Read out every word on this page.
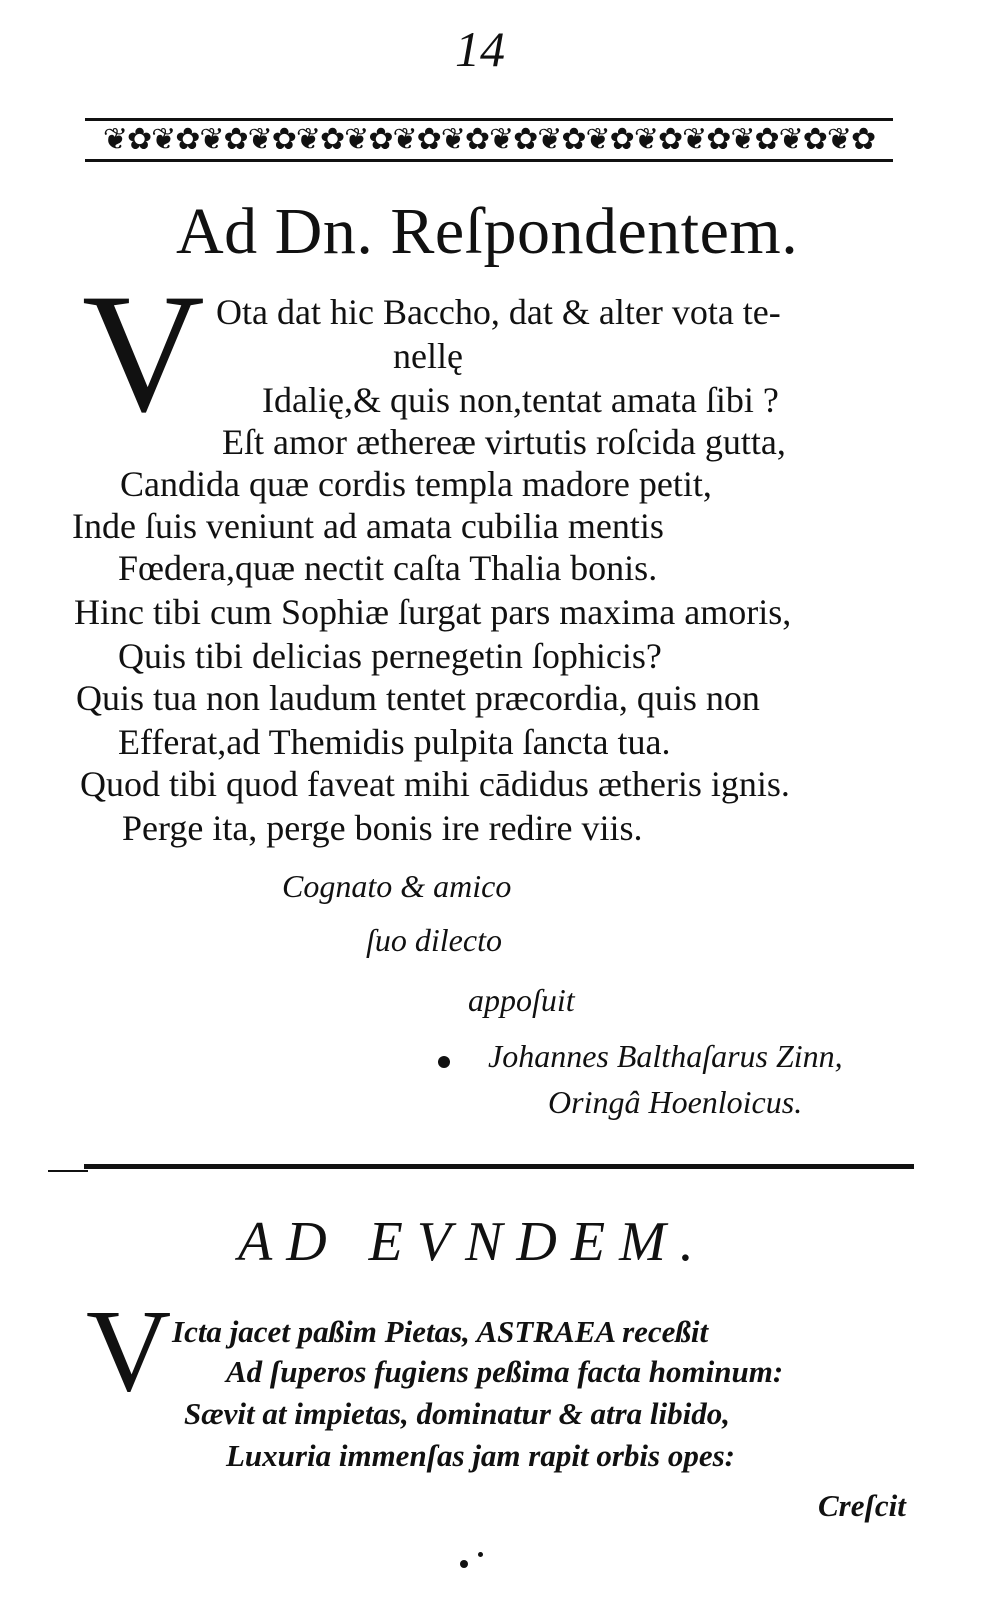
14
❦✿❦✿❦✿❦✿❦✿❦✿❦✿❦✿❦✿❦✿❦✿❦✿❦✿❦✿❦✿❦✿
Ad Dn. Reſpondentem.
V Ota dat hic Baccho, dat & alter vota te-
nellę
Idalię,& quis non,tentat amata ſibi ?
Eſt amor æthereæ virtutis roſcida gutta,
Candida quæ cordis templa madore petit,
Inde ſuis veniunt ad amata cubilia mentis
Fœdera,quæ nectit caſta Thalia bonis.
Hinc tibi cum Sophiæ ſurgat pars maxima amoris,
Quis tibi delicias pernegetin ſophicis?
Quis tua non laudum tentet præcordia, quis non
Efferat,ad Themidis pulpita ſancta tua.
Quod tibi quod faveat mihi cādidus ætheris ignis.
Perge ita, perge bonis ire redire viis.
Cognato & amico
ſuo dilecto
appoſuit
Johannes Balthaſarus Zinn,
Oringâ Hoenloicus.
AD EVNDEM.
V Icta jacet paßim Pietas, ASTRAEA receßit
Ad ſuperos fugiens peßima facta hominum:
Sævit at impietas, dominatur & atra libido,
Luxuria immenſas jam rapit orbis opes:
Creſcit
